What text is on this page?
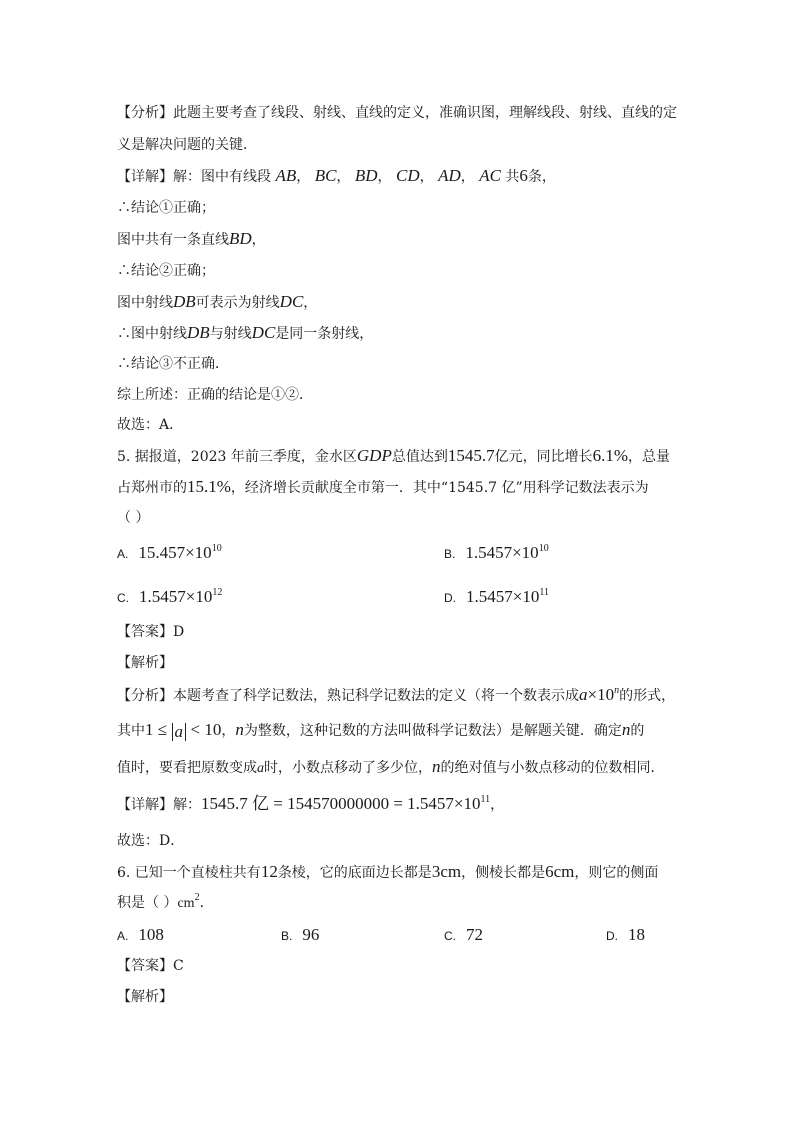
【分析】此题主要考查了线段、射线、直线的定义，准确识图，理解线段、射线、直线的定
义是解决问题的关键．
【详解】解：图中有线段 AB， BC， BD， CD， AD， AC 共6条，
∴结论①正确；
图中共有一条直线BD，
∴结论②正确；
图中射线DB可表示为射线DC，
∴图中射线DB与射线DC是同一条射线，
∴结论③不正确．
综上所述：正确的结论是①②．
故选：A．
5. 据报道，2023 年前三季度，金水区GDP总值达到1545.7亿元，同比增长6.1%，总量
占郑州市的15.1%，经济增长贡献度全市第一．其中“1545.7 亿”用科学记数法表示为
（ ）
A. $15.457\times 10^{10}$	B. $1.5457\times 10^{10}$
C. $1.5457\times 10^{12}$	D. $1.5457\times 10^{11}$
【答案】D
【解析】
【分析】本题考查了科学记数法，熟记科学记数法的定义（将一个数表示成$a\times 10^n$的形式，
其中1 ≤ a < 10，n为整数，这种记数的方法叫做科学记数法）是解题关键．确定n的
值时，要看把原数变成a时，小数点移动了多少位，n的绝对值与小数点移动的位数相同．
【详解】解：1545.7 亿 = $154570000000 = 1.5457\times 10^{11}$，
故选：D．
6. 已知一个直棱柱共有12条棱，它的底面边长都是3cm，侧棱长都是6cm，则它的侧面
积是（ ）$cm^2$．
A. 108	B. 96	C. 72	D. 18
【答案】C
【解析】
